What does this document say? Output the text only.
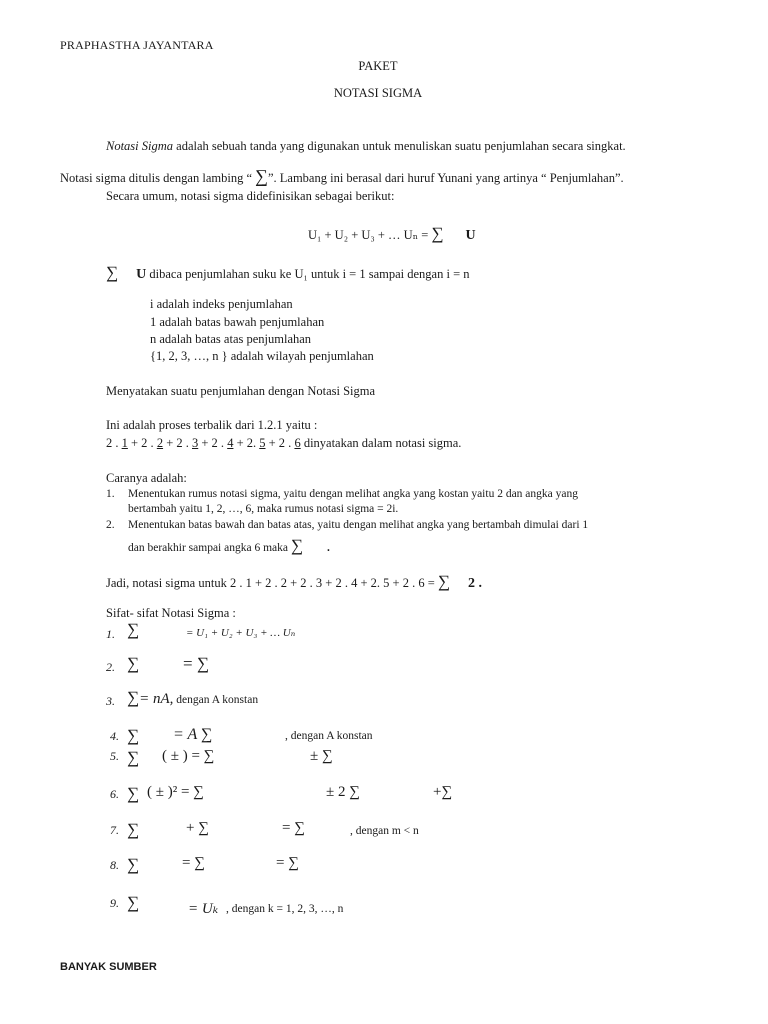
PRAPHASTHA JAYANTARA
PAKET
NOTASI SIGMA
Notasi Sigma adalah sebuah tanda yang digunakan untuk menuliskan suatu penjumlahan secara singkat.
Notasi sigma ditulis dengan lambing “ ∑”. Lambang ini berasal dari huruf Yunani yang artinya “ Penjumlahan”.
Secara umum, notasi sigma didefinisikan sebagai berikut:
U₁ + U₂ + U₃ + … Uₙ = ∑ U
∑ U dibaca penjumlahan suku ke U₁ untuk i = 1 sampai dengan i = n
i adalah indeks penjumlahan
1 adalah batas bawah penjumlahan
n adalah batas atas penjumlahan
{1, 2, 3, …, n } adalah wilayah penjumlahan
Menyatakan suatu penjumlahan dengan Notasi Sigma
Ini adalah proses terbalik dari 1.2.1 yaitu :
2 . 1 + 2 . 2 + 2 . 3 + 2 . 4 + 2. 5 + 2 . 6 dinyatakan dalam notasi sigma.
Caranya adalah:
1. Menentukan rumus notasi sigma, yaitu dengan melihat angka yang kostan yaitu 2 dan angka yang
bertambah yaitu 1, 2, …, 6, maka rumus notasi sigma = 2i.
2. Menentukan batas bawah dan batas atas, yaitu dengan melihat angka yang bertambah dimulai dari 1
dan berakhir sampai angka 6 maka ∑ .
Jadi, notasi sigma untuk 2 . 1 + 2 . 2 + 2 . 3 + 2 . 4 + 2. 5 + 2 . 6 = ∑ 2 .
Sifat- sifat Notasi Sigma :
1. ∑	= U₁ + U₂ + U₃ + … Uₙ
2. ∑	= ∑
3. ∑= nA, dengan A konstan
4. ∑ = A ∑	, dengan A konstan
5. ∑ ( ± ) = ∑	± ∑
6. ∑ ( ± )² = ∑	± 2 ∑	+∑
7. ∑	+ ∑	= ∑	, dengan m < n
8. ∑	= ∑	= ∑
9. ∑	= Uₖ , dengan k = 1, 2, 3, …, n
BANYAK SUMBER
